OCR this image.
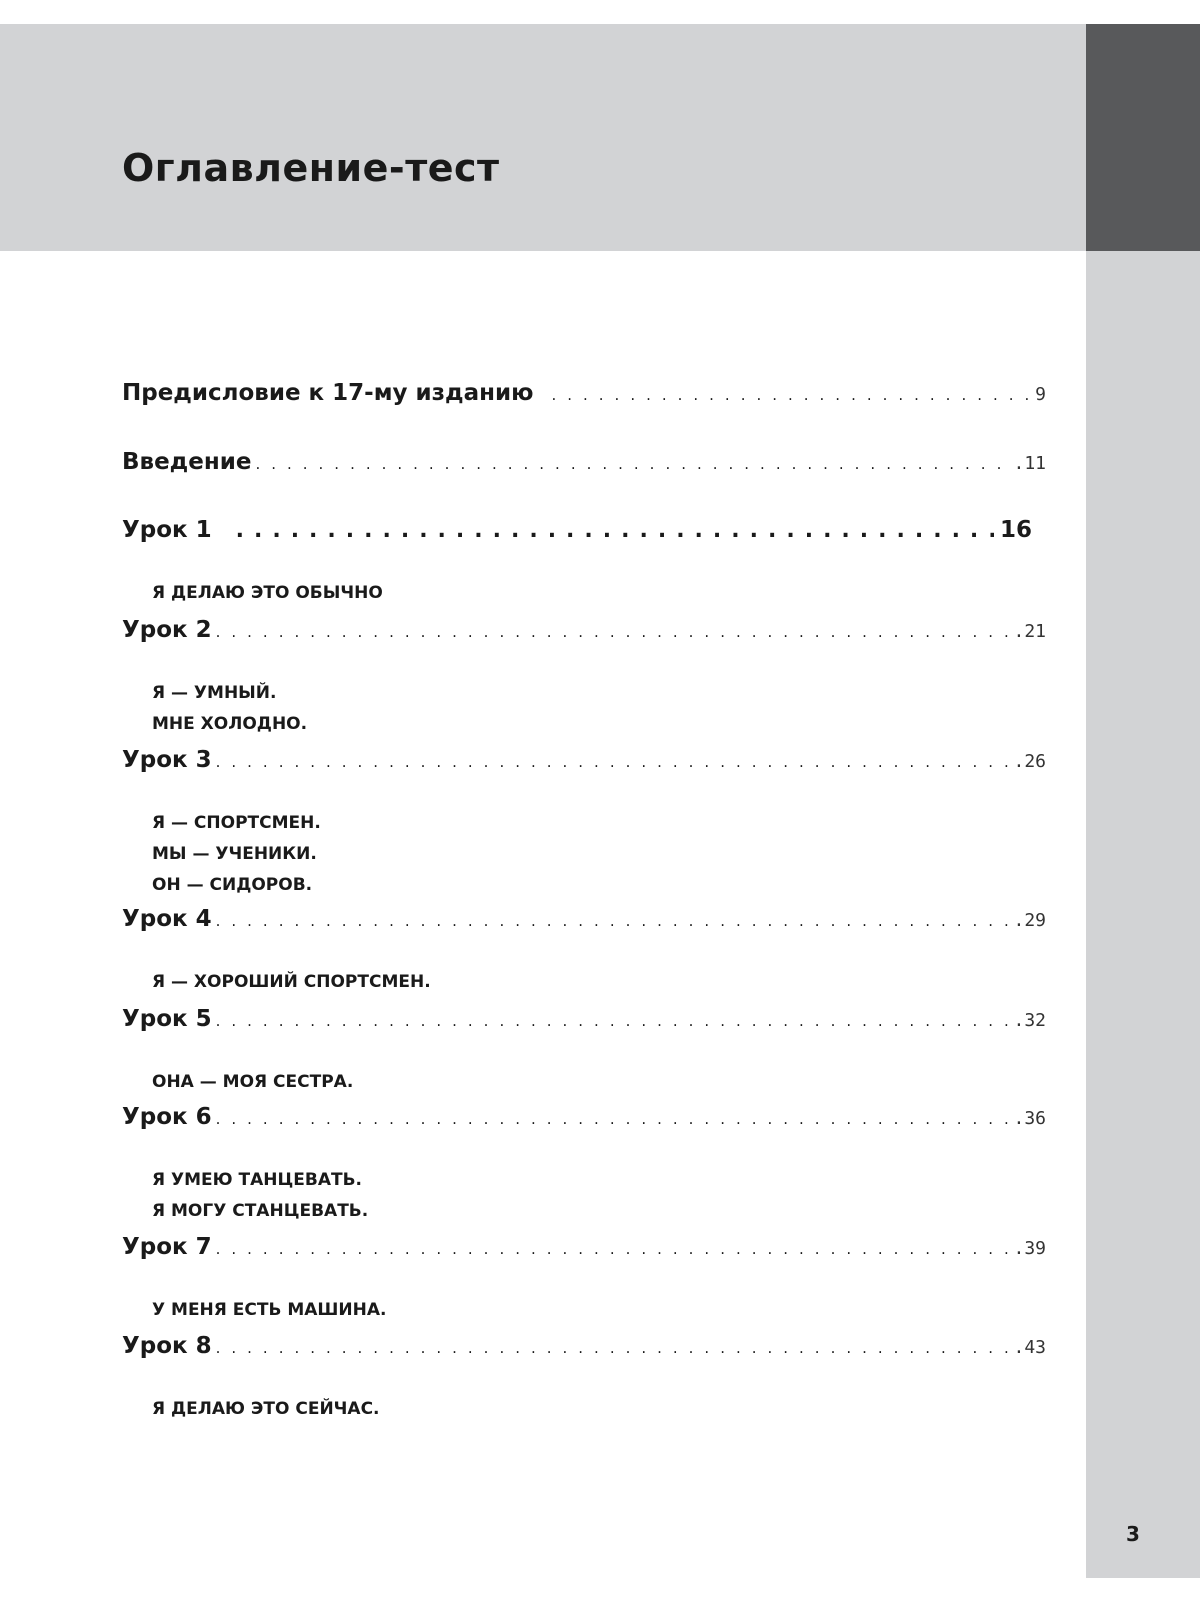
Оглавление-тест
Предисловие к 17-му изданию .....	9
Введение .....	.11
Урок 1 .....	16
Я ДЕЛАЮ ЭТО ОБЫЧНО
Урок 2 .....	.21
Я — УМНЫЙ.
МНЕ ХОЛОДНО.
Урок 3 .....	.26
Я — СПОРТСМЕН.
МЫ — УЧЕНИКИ.
ОН — СИДОРОВ.
Урок 4 .....	.29
Я — ХОРОШИЙ СПОРТСМЕН.
Урок 5 .....	.32
ОНА — МОЯ СЕСТРА.
Урок 6 .....	.36
Я УМЕЮ ТАНЦЕВАТЬ.
Я МОГУ СТАНЦЕВАТЬ.
Урок 7 .....	.39
У МЕНЯ ЕСТЬ МАШИНА.
Урок 8 .....	.43
Я ДЕЛАЮ ЭТО СЕЙЧАС.
3
